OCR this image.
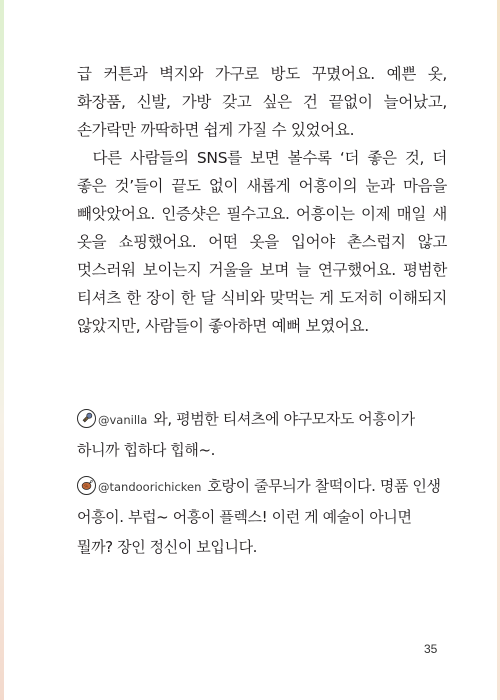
급 커튼과 벽지와 가구로 방도 꾸몄어요. 예쁜 옷, 화장품, 신발, 가방 갖고 싶은 건 끝없이 늘어났고, 손가락만 까딱하면 쉽게 가질 수 있었어요.

다른 사람들의 SNS를 보면 볼수록 ‘더 좋은 것, 더 좋은 것’들이 끝도 없이 새롭게 어흥이의 눈과 마음을 빼앗았어요. 인증샷은 필수고요. 어흥이는 이제 매일 새 옷을 쇼핑했어요. 어떤 옷을 입어야 촌스럽지 않고 멋스러워 보이는지 거울을 보며 늘 연구했어요. 평범한 티셔츠 한 장이 한 달 식비와 맞먹는 게 도저히 이해되지 않았지만, 사람들이 좋아하면 예뻐 보였어요.

@vanilla 와, 평범한 티셔츠에 야구모자도 어흥이가 하니까 힙하다 힙해~.

@tandoorichicken 호랑이 줄무늬가 찰떡이다. 명품 인생 어흥이. 부럽~ 어흥이 플렉스! 이런 게 예술이 아니면 뭘까? 장인 정신이 보입니다.

35
